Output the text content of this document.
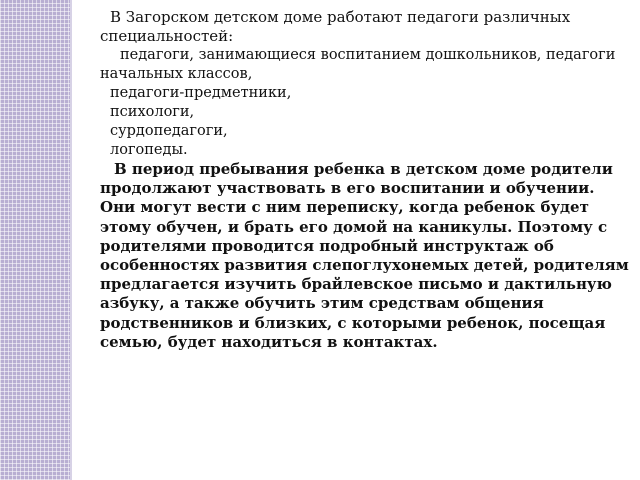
В Загорском детском доме работают педагоги различных специальностей:

педагоги, занимающиеся воспитанием дошкольников, педагоги начальных классов,
педагоги-предметники,
психологи,
сурдопедагоги,
логопеды.

В период пребывания ребенка в детском доме родители продолжают участвовать в его воспитании и обучении. Они могут вести с ним переписку, когда ребенок будет этому обучен, и брать его домой на каникулы. Поэтому с родителями проводится подробный инструктаж об особенностях развития слепоглухонемых детей, родителям предлагается изучить брайлевское письмо и дактильную азбуку, а также обучить этим средствам общения родственников и близких, с которыми ребенок, посещая семью, будет находиться в контактах.
